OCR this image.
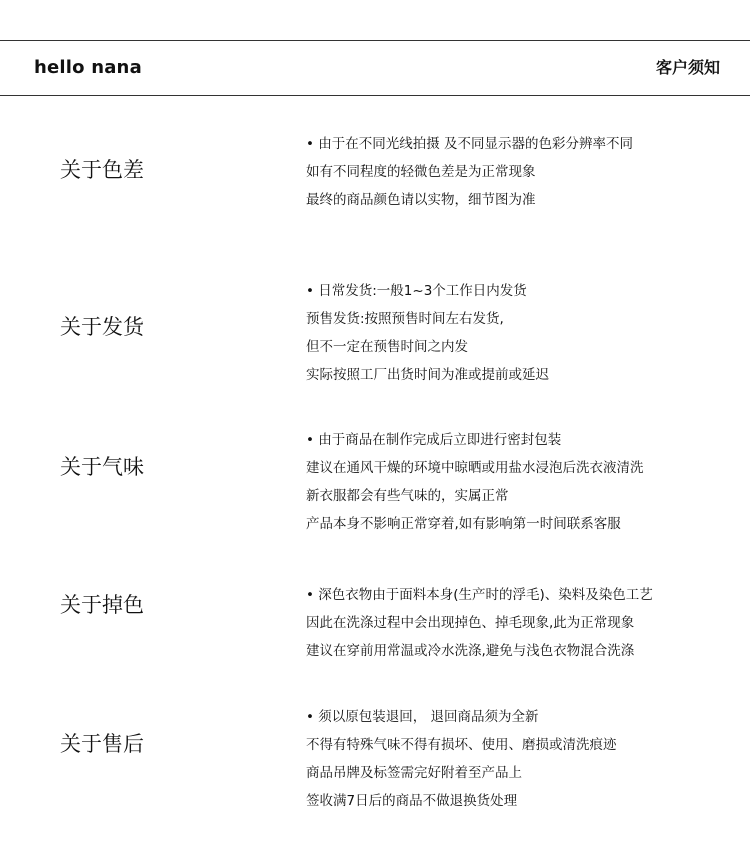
hello nana	客户须知
关于色差
• 由于在不同光线拍摄 及不同显示器的色彩分辨率不同
如有不同程度的轻微色差是为正常现象
最终的商品颜色请以实物，细节图为准
关于发货
• 日常发货:一般1~3个工作日内发货
预售发货:按照预售时间左右发货,
但不一定在预售时间之内发
实际按照工厂出货时间为准或提前或延迟
关于气味
• 由于商品在制作完成后立即进行密封包装
建议在通风干燥的环境中晾晒或用盐水浸泡后洗衣液清洗
新衣服都会有些气味的，实属正常
产品本身不影响正常穿着,如有影响第一时间联系客服
关于掉色	• 深色衣物由于面料本身(生产时的浮毛)、染料及染色工艺
因此在洗涤过程中会出现掉色、掉毛现象,此为正常现象
建议在穿前用常温或冷水洗涤,避免与浅色衣物混合洗涤
关于售后
• 须以原包装退回， 退回商品须为全新
不得有特殊气味不得有损坏、使用、磨损或清洗痕迹
商品吊牌及标签需完好附着至产品上
签收满7日后的商品不做退换货处理
